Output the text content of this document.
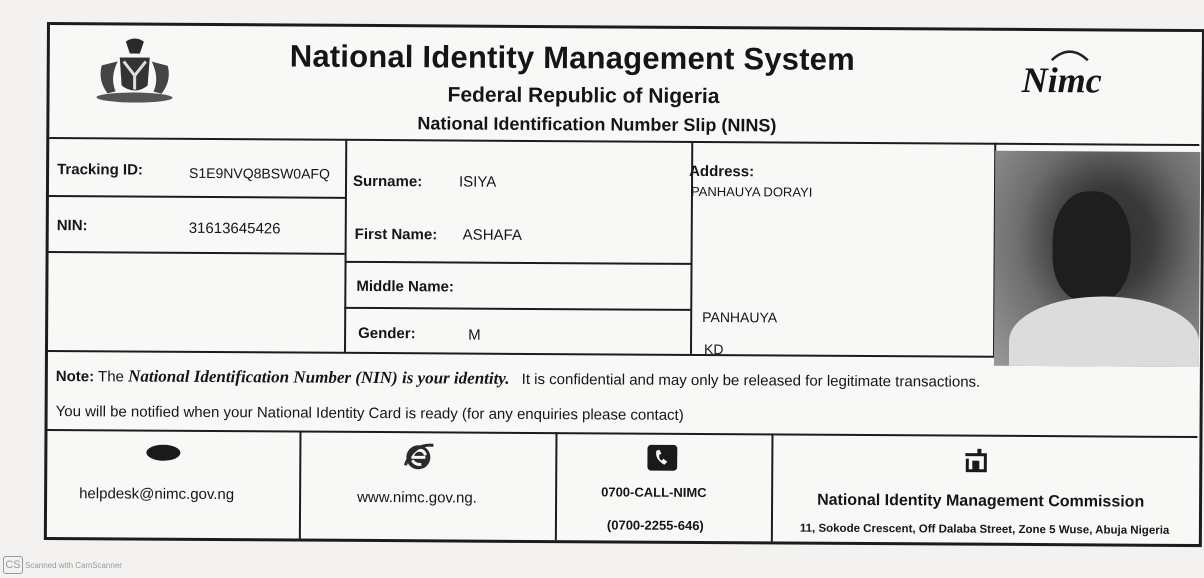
National Identity Management System
Federal Republic of Nigeria
National Identification Number Slip (NINS)
Nimc
Tracking ID:	S1E9NVQ8BSW0AFQ
NIN:	31613645426
Surname: ISIYA
First Name: ASHAFA
Middle Name:
Gender:	M
Address:
PANHAUYA DORAYI
PANHAUYA
KD
Note: The National Identification Number (NIN) is your identity. It is confidential and may only be released for legitimate transactions.
You will be notified when your National Identity Card is ready (for any enquiries please contact)
helpdesk@nimc.gov.ng	www.nimc.gov.ng.	0700-CALL-NIMC
(0700-2255-646)
National Identity Management Commission
11, Sokode Crescent, Off Dalaba Street, Zone 5 Wuse, Abuja Nigeria
CS Scanned with CamScanner
